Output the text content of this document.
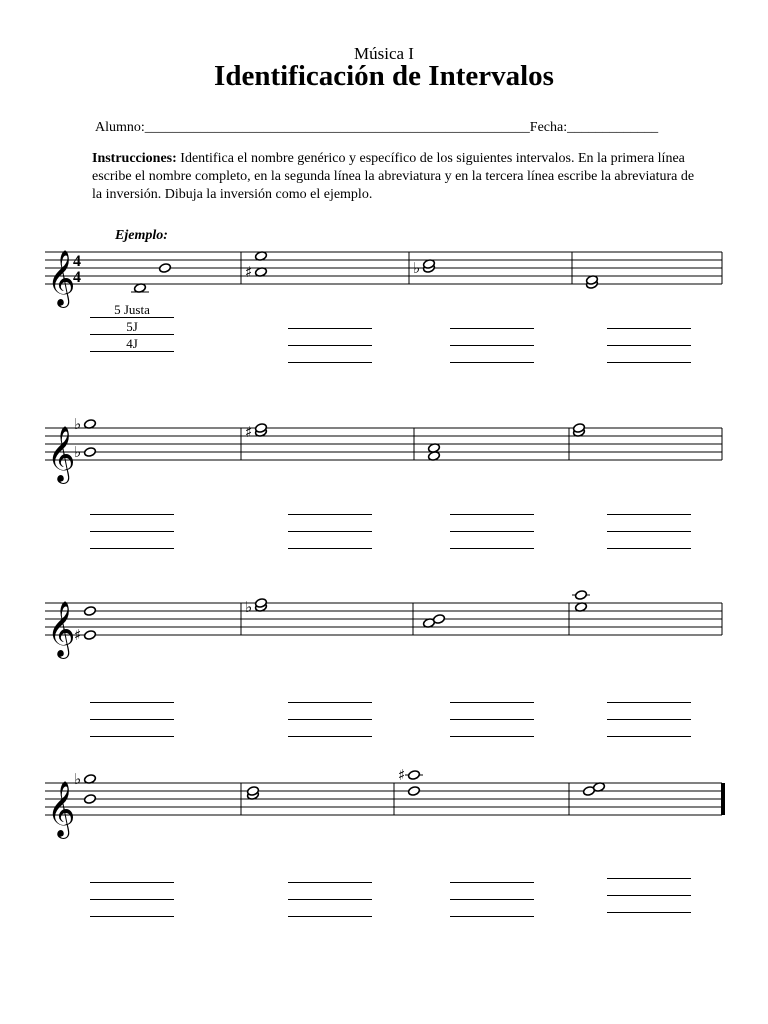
Música I
Identificación de Intervalos
Alumno:_______________________________________________________Fecha:_____________
Instrucciones: Identifica el nombre genérico y específico de los siguientes intervalos. En la primera línea escribe el nombre completo, en la segunda línea la abreviatura y en la tercera línea escribe la abreviatura de la inversión. Dibuja la inversión como el ejemplo.
Ejemplo:
𝄞
4
4	♯	♭
𝄞
♭
♭	♯
𝄞
♯
♭
𝄞
♭	♯
5 Justa
5J
4J
